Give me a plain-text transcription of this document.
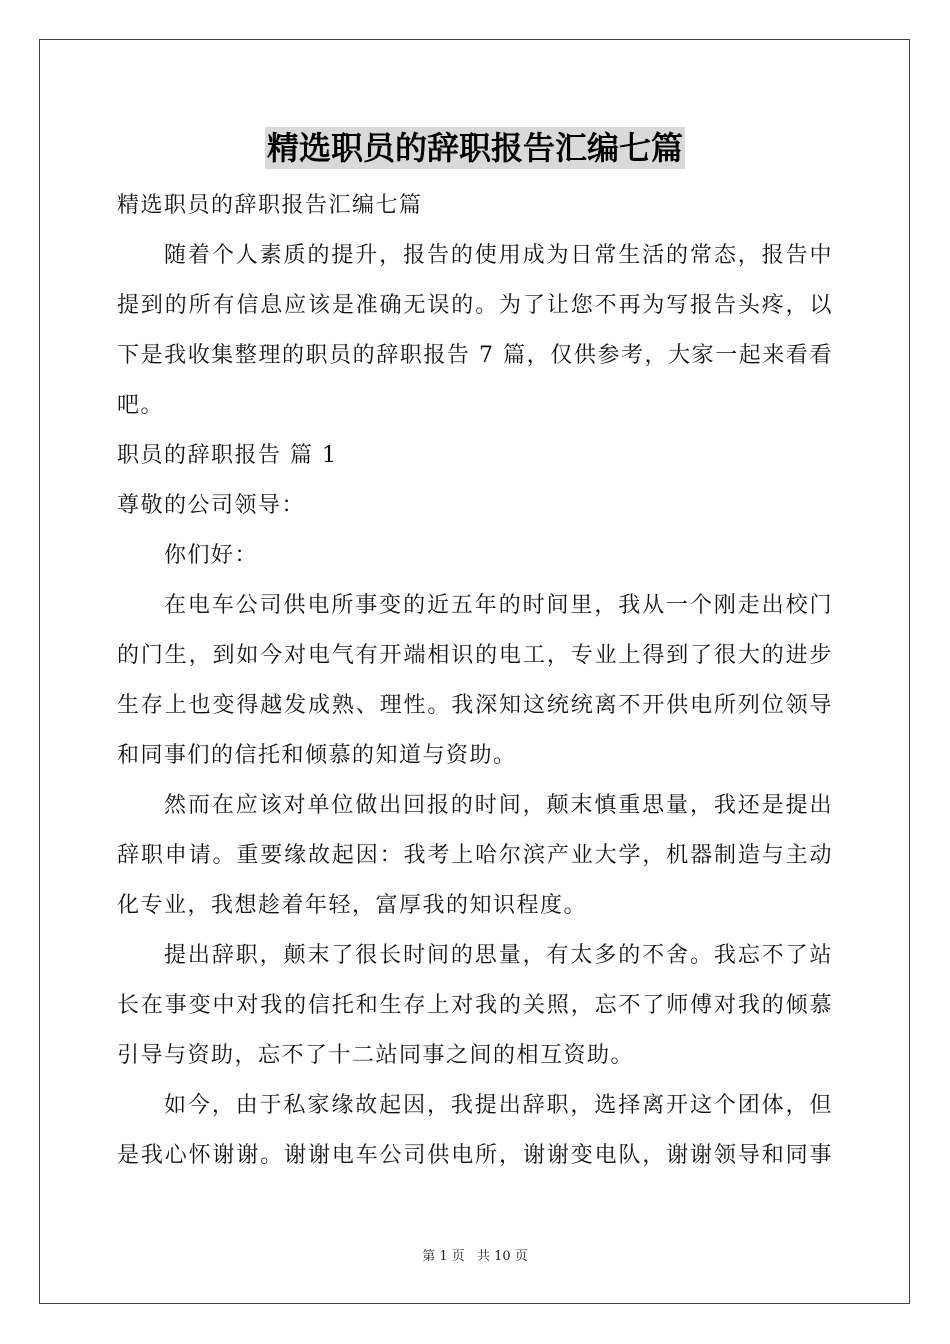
精选职员的辞职报告汇编七篇

精选职员的辞职报告汇编七篇

随着个人素质的提升，报告的使用成为日常生活的常态，报告中

提到的所有信息应该是准确无误的。为了让您不再为写报告头疼，以

下是我收集整理的职员的辞职报告 7 篇，仅供参考，大家一起来看看

吧。

职员的辞职报告 篇 1

尊敬的公司领导：

你们好：

在电车公司供电所事变的近五年的时间里，我从一个刚走出校门

的门生，到如今对电气有开端相识的电工，专业上得到了很大的进步

生存上也变得越发成熟、理性。我深知这统统离不开供电所列位领导

和同事们的信托和倾慕的知道与资助。

然而在应该对单位做出回报的时间，颠末慎重思量，我还是提出

辞职申请。重要缘故起因：我考上哈尔滨产业大学，机器制造与主动

化专业，我想趁着年轻，富厚我的知识程度。

提出辞职，颠末了很长时间的思量，有太多的不舍。我忘不了站

长在事变中对我的信托和生存上对我的关照，忘不了师傅对我的倾慕

引导与资助，忘不了十二站同事之间的相互资助。

如今，由于私家缘故起因，我提出辞职，选择离开这个团体，但

是我心怀谢谢。谢谢电车公司供电所，谢谢变电队，谢谢领导和同事

第 1 页 共 10 页
